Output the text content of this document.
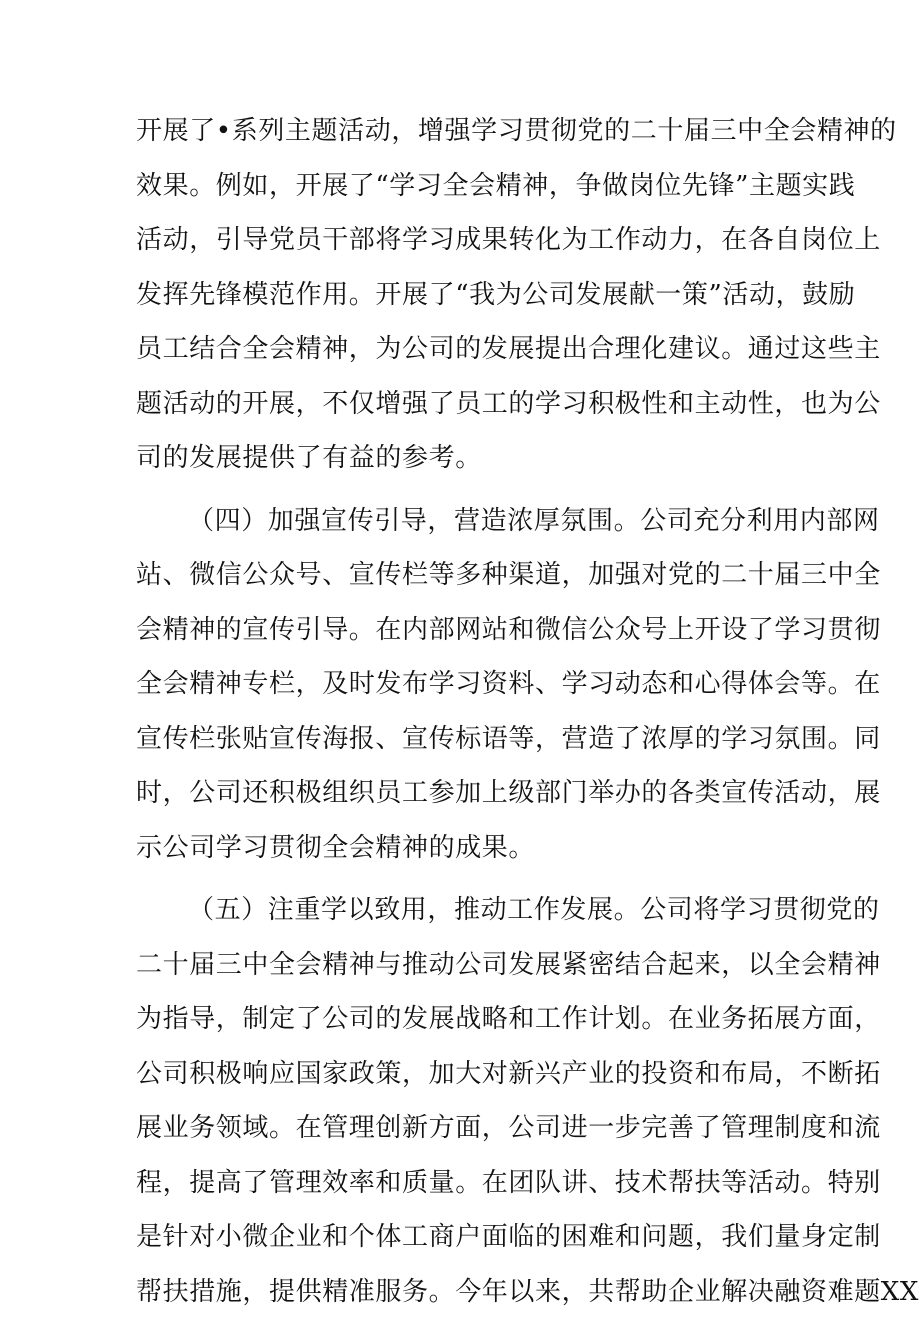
开展了•系列主题活动，增强学习贯彻党的二十届三中全会精神的
效果。例如，开展了“学习全会精神，争做岗位先锋”主题实践
活动，引导党员干部将学习成果转化为工作动力，在各自岗位上
发挥先锋模范作用。开展了“我为公司发展献一策”活动，鼓励
员工结合全会精神，为公司的发展提出合理化建议。通过这些主
题活动的开展，不仅增强了员工的学习积极性和主动性，也为公
司的发展提供了有益的参考。
（四）加强宣传引导，营造浓厚氛围。公司充分利用内部网
站、微信公众号、宣传栏等多种渠道，加强对党的二十届三中全
会精神的宣传引导。在内部网站和微信公众号上开设了学习贯彻
全会精神专栏，及时发布学习资料、学习动态和心得体会等。在
宣传栏张贴宣传海报、宣传标语等，营造了浓厚的学习氛围。同
时，公司还积极组织员工参加上级部门举办的各类宣传活动，展
示公司学习贯彻全会精神的成果。
（五）注重学以致用，推动工作发展。公司将学习贯彻党的
二十届三中全会精神与推动公司发展紧密结合起来，以全会精神
为指导，制定了公司的发展战略和工作计划。在业务拓展方面，
公司积极响应国家政策，加大对新兴产业的投资和布局，不断拓
展业务领域。在管理创新方面，公司进一步完善了管理制度和流
程，提高了管理效率和质量。在团队讲、技术帮扶等活动。特别
是针对小微企业和个体工商户面临的困难和问题，我们量身定制
帮扶措施，提供精准服务。今年以来，共帮助企业解决融资难题XX
